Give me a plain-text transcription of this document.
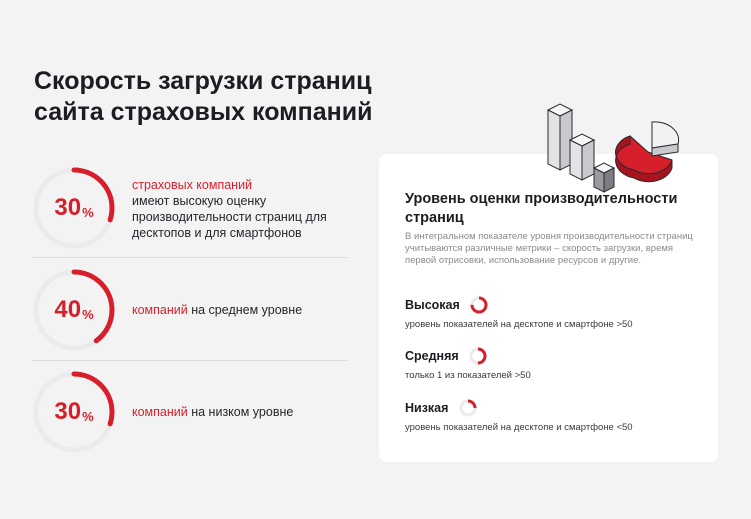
Скорость загрузки страниц сайта страховых компаний
30 %
страховых компаний
имеют высокую оценку производительности страниц для десктопов и для смартфонов
40 %	компаний на среднем уровне
30 %	компаний на низком уровне
Уровень оценки производительности страниц
В интегральном показателе уровня производительности страниц учитываются различные метрики – скорость загрузки, время первой отрисовки, использование ресурсов и другие.
Высокая
уровень показателей на десктопе и смартфоне >50
Средняя
только 1 из показателей >50
Низкая
уровень показателей на десктопе и смартфоне <50
